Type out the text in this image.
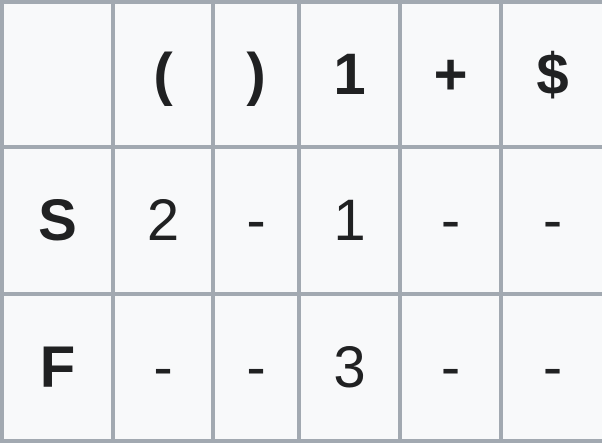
	(	)	1	+	$
S	2	-	1	-	-
F	-	-	3	-	-
